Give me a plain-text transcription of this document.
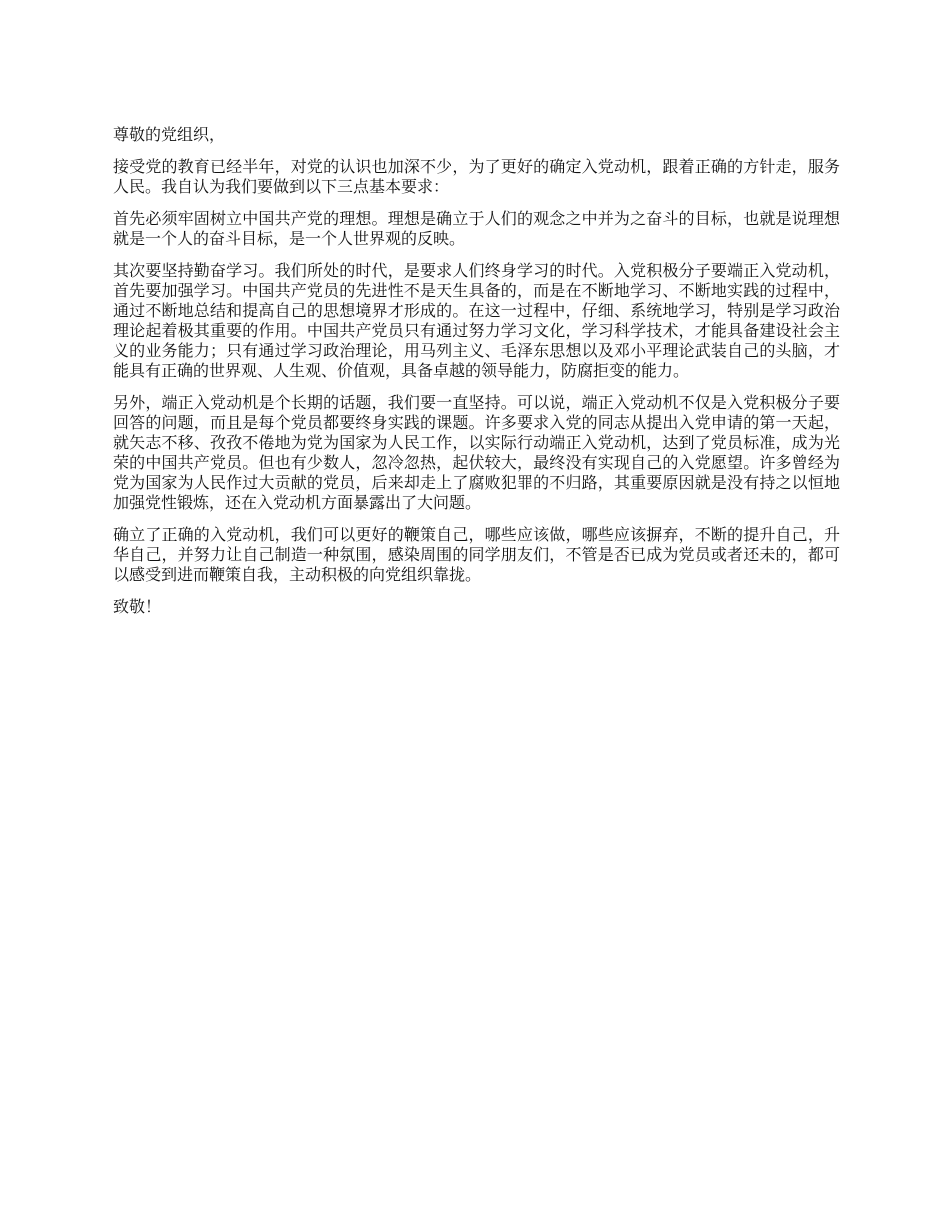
尊敬的党组织，

接受党的教育已经半年，对党的认识也加深不少，为了更好的确定入党动机，跟着正确的方针走，服务人民。我自认为我们要做到以下三点基本要求：

首先必须牢固树立中国共产党的理想。理想是确立于人们的观念之中并为之奋斗的目标，也就是说理想就是一个人的奋斗目标，是一个人世界观的反映。

其次要坚持勤奋学习。我们所处的时代，是要求人们终身学习的时代。入党积极分子要端正入党动机，首先要加强学习。中国共产党员的先进性不是天生具备的，而是在不断地学习、不断地实践的过程中，通过不断地总结和提高自己的思想境界才形成的。在这一过程中，仔细、系统地学习，特别是学习政治理论起着极其重要的作用。中国共产党员只有通过努力学习文化，学习科学技术，才能具备建设社会主义的业务能力；只有通过学习政治理论，用马列主义、毛泽东思想以及邓小平理论武装自己的头脑，才能具有正确的世界观、人生观、价值观，具备卓越的领导能力，防腐拒变的能力。

另外，端正入党动机是个长期的话题，我们要一直坚持。可以说，端正入党动机不仅是入党积极分子要回答的问题，而且是每个党员都要终身实践的课题。许多要求入党的同志从提出入党申请的第一天起，就矢志不移、孜孜不倦地为党为国家为人民工作，以实际行动端正入党动机，达到了党员标准，成为光荣的中国共产党员。但也有少数人，忽冷忽热，起伏较大，最终没有实现自己的入党愿望。许多曾经为党为国家为人民作过大贡献的党员，后来却走上了腐败犯罪的不归路，其重要原因就是没有持之以恒地加强党性锻炼，还在入党动机方面暴露出了大问题。

确立了正确的入党动机，我们可以更好的鞭策自己，哪些应该做，哪些应该摒弃，不断的提升自己，升华自己，并努力让自己制造一种氛围，感染周围的同学朋友们，不管是否已成为党员或者还未的，都可以感受到进而鞭策自我，主动积极的向党组织靠拢。

致敬！
